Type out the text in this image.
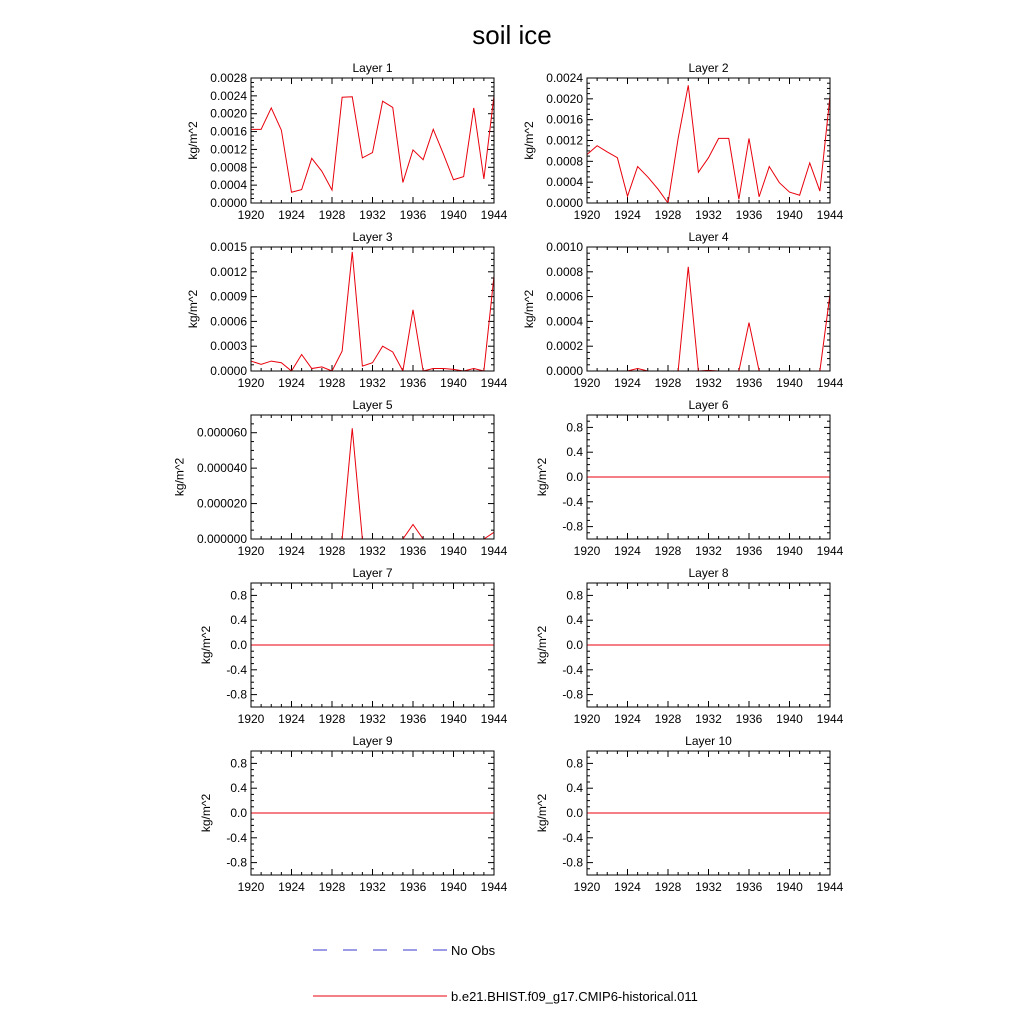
soil ice
Layer 1
1920 1924 1928 1932 1936 1940 1944
0.0000
0.0004
0.0008
0.0012
0.0016
0.0020
0.0024
0.0028
kg/m^2
Layer 2
1920 1924 1928 1932 1936 1940 1944
0.0000
0.0004
0.0008
0.0012
0.0016
0.0020
0.0024
kg/m^2
Layer 3
1920 1924 1928 1932 1936 1940 1944
0.0000
0.0003
0.0006
0.0009
0.0012
0.0015
kg/m^2
Layer 4
1920 1924 1928 1932 1936 1940 1944
0.0000
0.0002
0.0004
0.0006
0.0008
0.0010
kg/m^2
Layer 5
1920 1924 1928 1932 1936 1940 1944
0.000000
0.000020
0.000040
0.000060
kg/m^2
Layer 6
1920 1924 1928 1932 1936 1940 1944
-0.8
-0.4
0.0
0.4
0.8
kg/m^2
Layer 7
1920 1924 1928 1932 1936 1940 1944
-0.8
-0.4
0.0
0.4
0.8
kg/m^2
Layer 8
1920 1924 1928 1932 1936 1940 1944
-0.8
-0.4
0.0
0.4
0.8
kg/m^2
Layer 9
1920 1924 1928 1932 1936 1940 1944
-0.8
-0.4
0.0
0.4
0.8
kg/m^2
Layer 10
1920 1924 1928 1932 1936 1940 1944
-0.8
-0.4
0.0
0.4
0.8
kg/m^2
No Obs
b.e21.BHIST.f09_g17.CMIP6-historical.011
